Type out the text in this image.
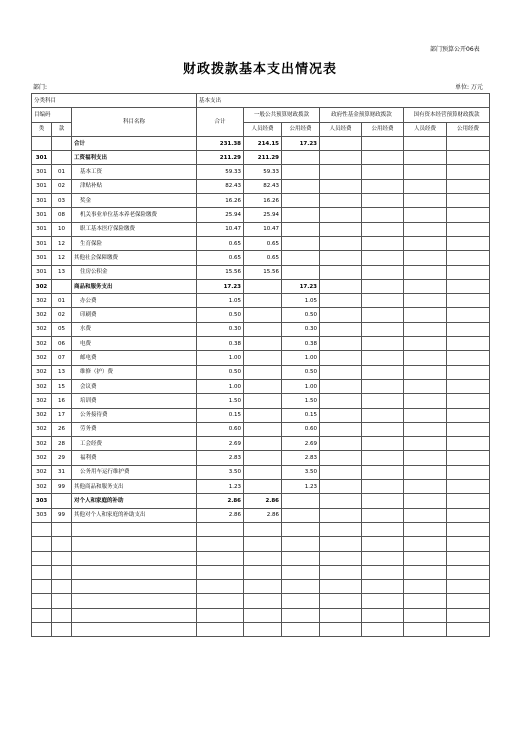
部门预算公开06表
财政拨款基本支出情况表
部门:	单位: 万元
分类科目			基本支出						
目编码		科目名称	合计	一般公共预算财政拨款		政府性基金预算财政拨款		国有资本经营预算财政拨款	
类	款			人员经费	公用经费	人员经费	公用经费	人员经费	公用经费
		合计	231.38	214.15	17.23				
301		工资福利支出	211.29	211.29					
301	01	基本工资	59.33	59.33					
301	02	津贴补贴	82.43	82.43					
301	03	奖金	16.26	16.26					
301	08	机关事业单位基本养老保险缴费	25.94	25.94					
301	10	职工基本医疗保险缴费	10.47	10.47					
301	12	生育保险	0.65	0.65					
301	12	其他社会保障缴费	0.65	0.65					
301	13	住房公积金	15.56	15.56					
302		商品和服务支出	17.23		17.23				
302	01	办公费	1.05		1.05				
302	02	印刷费	0.50		0.50				
302	05	水费	0.30		0.30				
302	06	电费	0.38		0.38				
302	07	邮电费	1.00		1.00				
302	13	维修（护）费	0.50		0.50				
302	15	会议费	1.00		1.00				
302	16	培训费	1.50		1.50				
302	17	公务接待费	0.15		0.15				
302	26	劳务费	0.60		0.60				
302	28	工会经费	2.69		2.69				
302	29	福利费	2.83		2.83				
302	31	公务用车运行维护费	3.50		3.50				
302	99	其他商品和服务支出	1.23		1.23				
303		对个人和家庭的补助	2.86	2.86					
303	99	其他对个人和家庭的补助支出	2.86	2.86					
